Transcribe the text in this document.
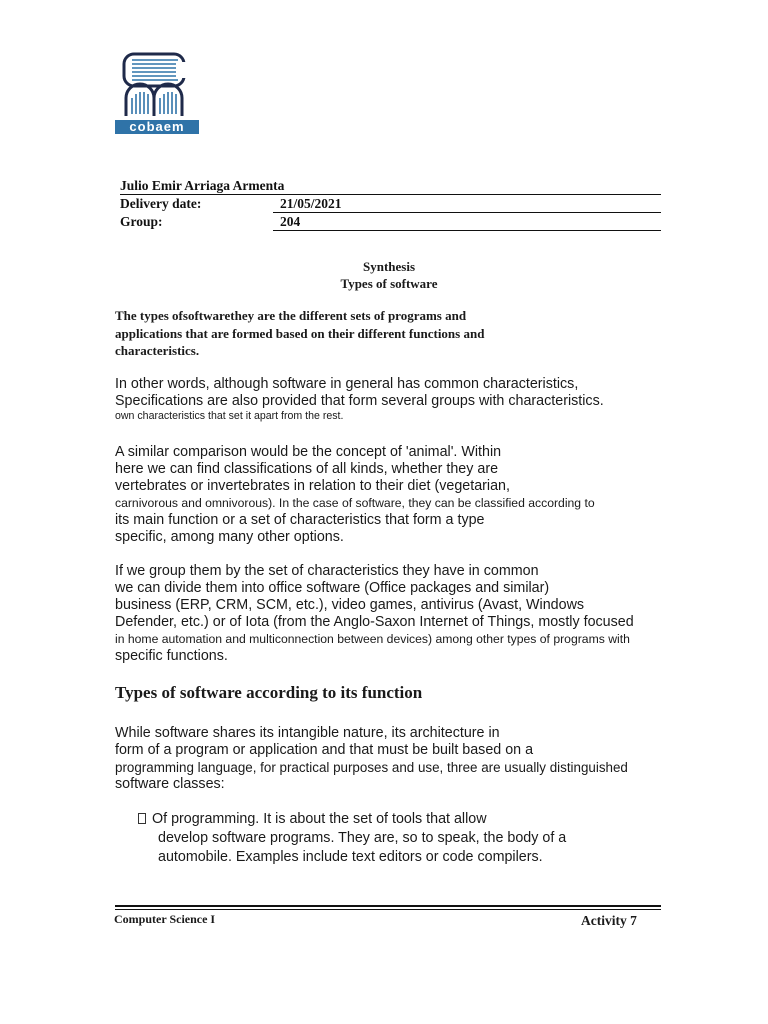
cobaem
Julio Emir Arriaga Armenta
Delivery date:	21/05/2021
Group:	204
Synthesis
Types of software
The types ofsoftwarethey are the different sets of programs and
applications that are formed based on their different functions and
characteristics.
In other words, although software in general has common characteristics,
Specifications are also provided that form several groups with characteristics.
own characteristics that set it apart from the rest.
A similar comparison would be the concept of 'animal'. Within
here we can find classifications of all kinds, whether they are
vertebrates or invertebrates in relation to their diet (vegetarian,
carnivorous and omnivorous). In the case of software, they can be classified according to
its main function or a set of characteristics that form a type
specific, among many other options.
If we group them by the set of characteristics they have in common
we can divide them into office software (Office packages and similar)
business (ERP, CRM, SCM, etc.), video games, antivirus (Avast, Windows
Defender, etc.) or of Iota (from the Anglo-Saxon Internet of Things, mostly focused
in home automation and multiconnection between devices) among other types of programs with
specific functions.
Types of software according to its function
While software shares its intangible nature, its architecture in
form of a program or application and that must be built based on a
programming language, for practical purposes and use, three are usually distinguished
software classes:
Of programming. It is about the set of tools that allow
develop software programs. They are, so to speak, the body of a
automobile. Examples include text editors or code compilers.
Computer Science I	Activity 7
